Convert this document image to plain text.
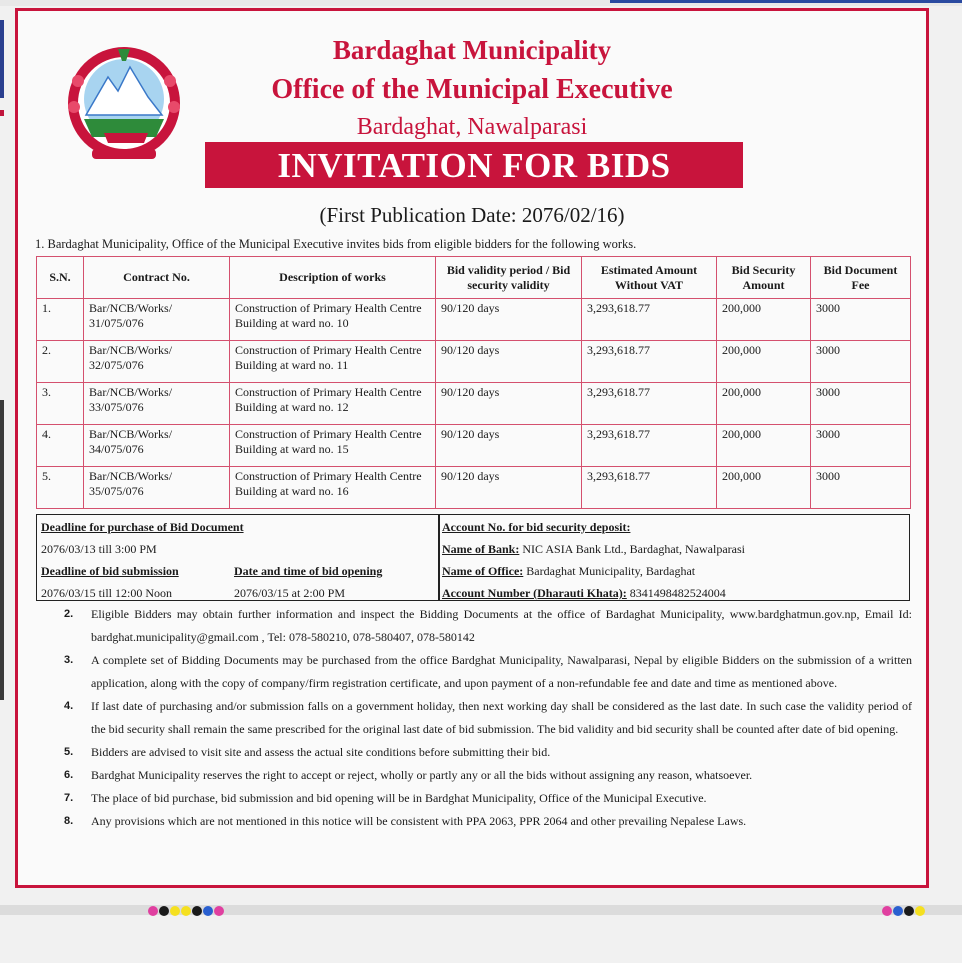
Bardaghat Municipality
Office of the Municipal Executive
Bardaghat, Nawalparasi
INVITATION FOR BIDS
(First Publication Date: 2076/02/16)
1. Bardaghat Municipality, Office of the Municipal Executive invites bids from eligible bidders for the following works.
S.N.	Contract No.	Description of works	Bid validity period / Bid security validity	Estimated Amount Without VAT	Bid Security Amount	Bid Document Fee
1.	Bar/NCB/Works/ 31/075/076	Construction of Primary Health Centre Building at ward no. 10	90/120 days	3,293,618.77	200,000	3000
2.	Bar/NCB/Works/ 32/075/076	Construction of Primary Health Centre Building at ward no. 11	90/120 days	3,293,618.77	200,000	3000
3.	Bar/NCB/Works/ 33/075/076	Construction of Primary Health Centre Building at ward no. 12	90/120 days	3,293,618.77	200,000	3000
4.	Bar/NCB/Works/ 34/075/076	Construction of Primary Health Centre Building at ward no. 15	90/120 days	3,293,618.77	200,000	3000
5.	Bar/NCB/Works/ 35/075/076	Construction of Primary Health Centre Building at ward no. 16	90/120 days	3,293,618.77	200,000	3000
Deadline for purchase of Bid Document
2076/03/13 till 3:00 PM
Deadline of bid submission
2076/03/15 till 12:00 Noon
Date and time of bid opening
2076/03/15 at 2:00 PM
Account No. for bid security deposit:
Name of Bank: NIC ASIA Bank Ltd., Bardaghat, Nawalparasi
Name of Office: Bardaghat Municipality, Bardaghat
Account Number (Dharauti Khata): 8341498482524004
2. Eligible Bidders may obtain further information and inspect the Bidding Documents at the office of Bardaghat Municipality, www.bardghatmun.gov.np, Email Id: bardghat.municipality@gmail.com , Tel: 078-580210, 078-580407, 078-580142
3. A complete set of Bidding Documents may be purchased from the office Bardghat Municipality, Nawalparasi, Nepal by eligible Bidders on the submission of a written application, along with the copy of company/firm registration certificate, and upon payment of a non-refundable fee and date and time as mentioned above.
4. If last date of purchasing and/or submission falls on a government holiday, then next working day shall be considered as the last date. In such case the validity period of the bid security shall remain the same prescribed for the original last date of bid submission. The bid validity and bid security shall be counted after date of bid opening.
5. Bidders are advised to visit site and assess the actual site conditions before submitting their bid.
6. Bardghat Municipality reserves the right to accept or reject, wholly or partly any or all the bids without assigning any reason, whatsoever.
7. The place of bid purchase, bid submission and bid opening will be in Bardghat Municipality, Office of the Municipal Executive.
8. Any provisions which are not mentioned in this notice will be consistent with PPA 2063, PPR 2064 and other prevailing Nepalese Laws.
